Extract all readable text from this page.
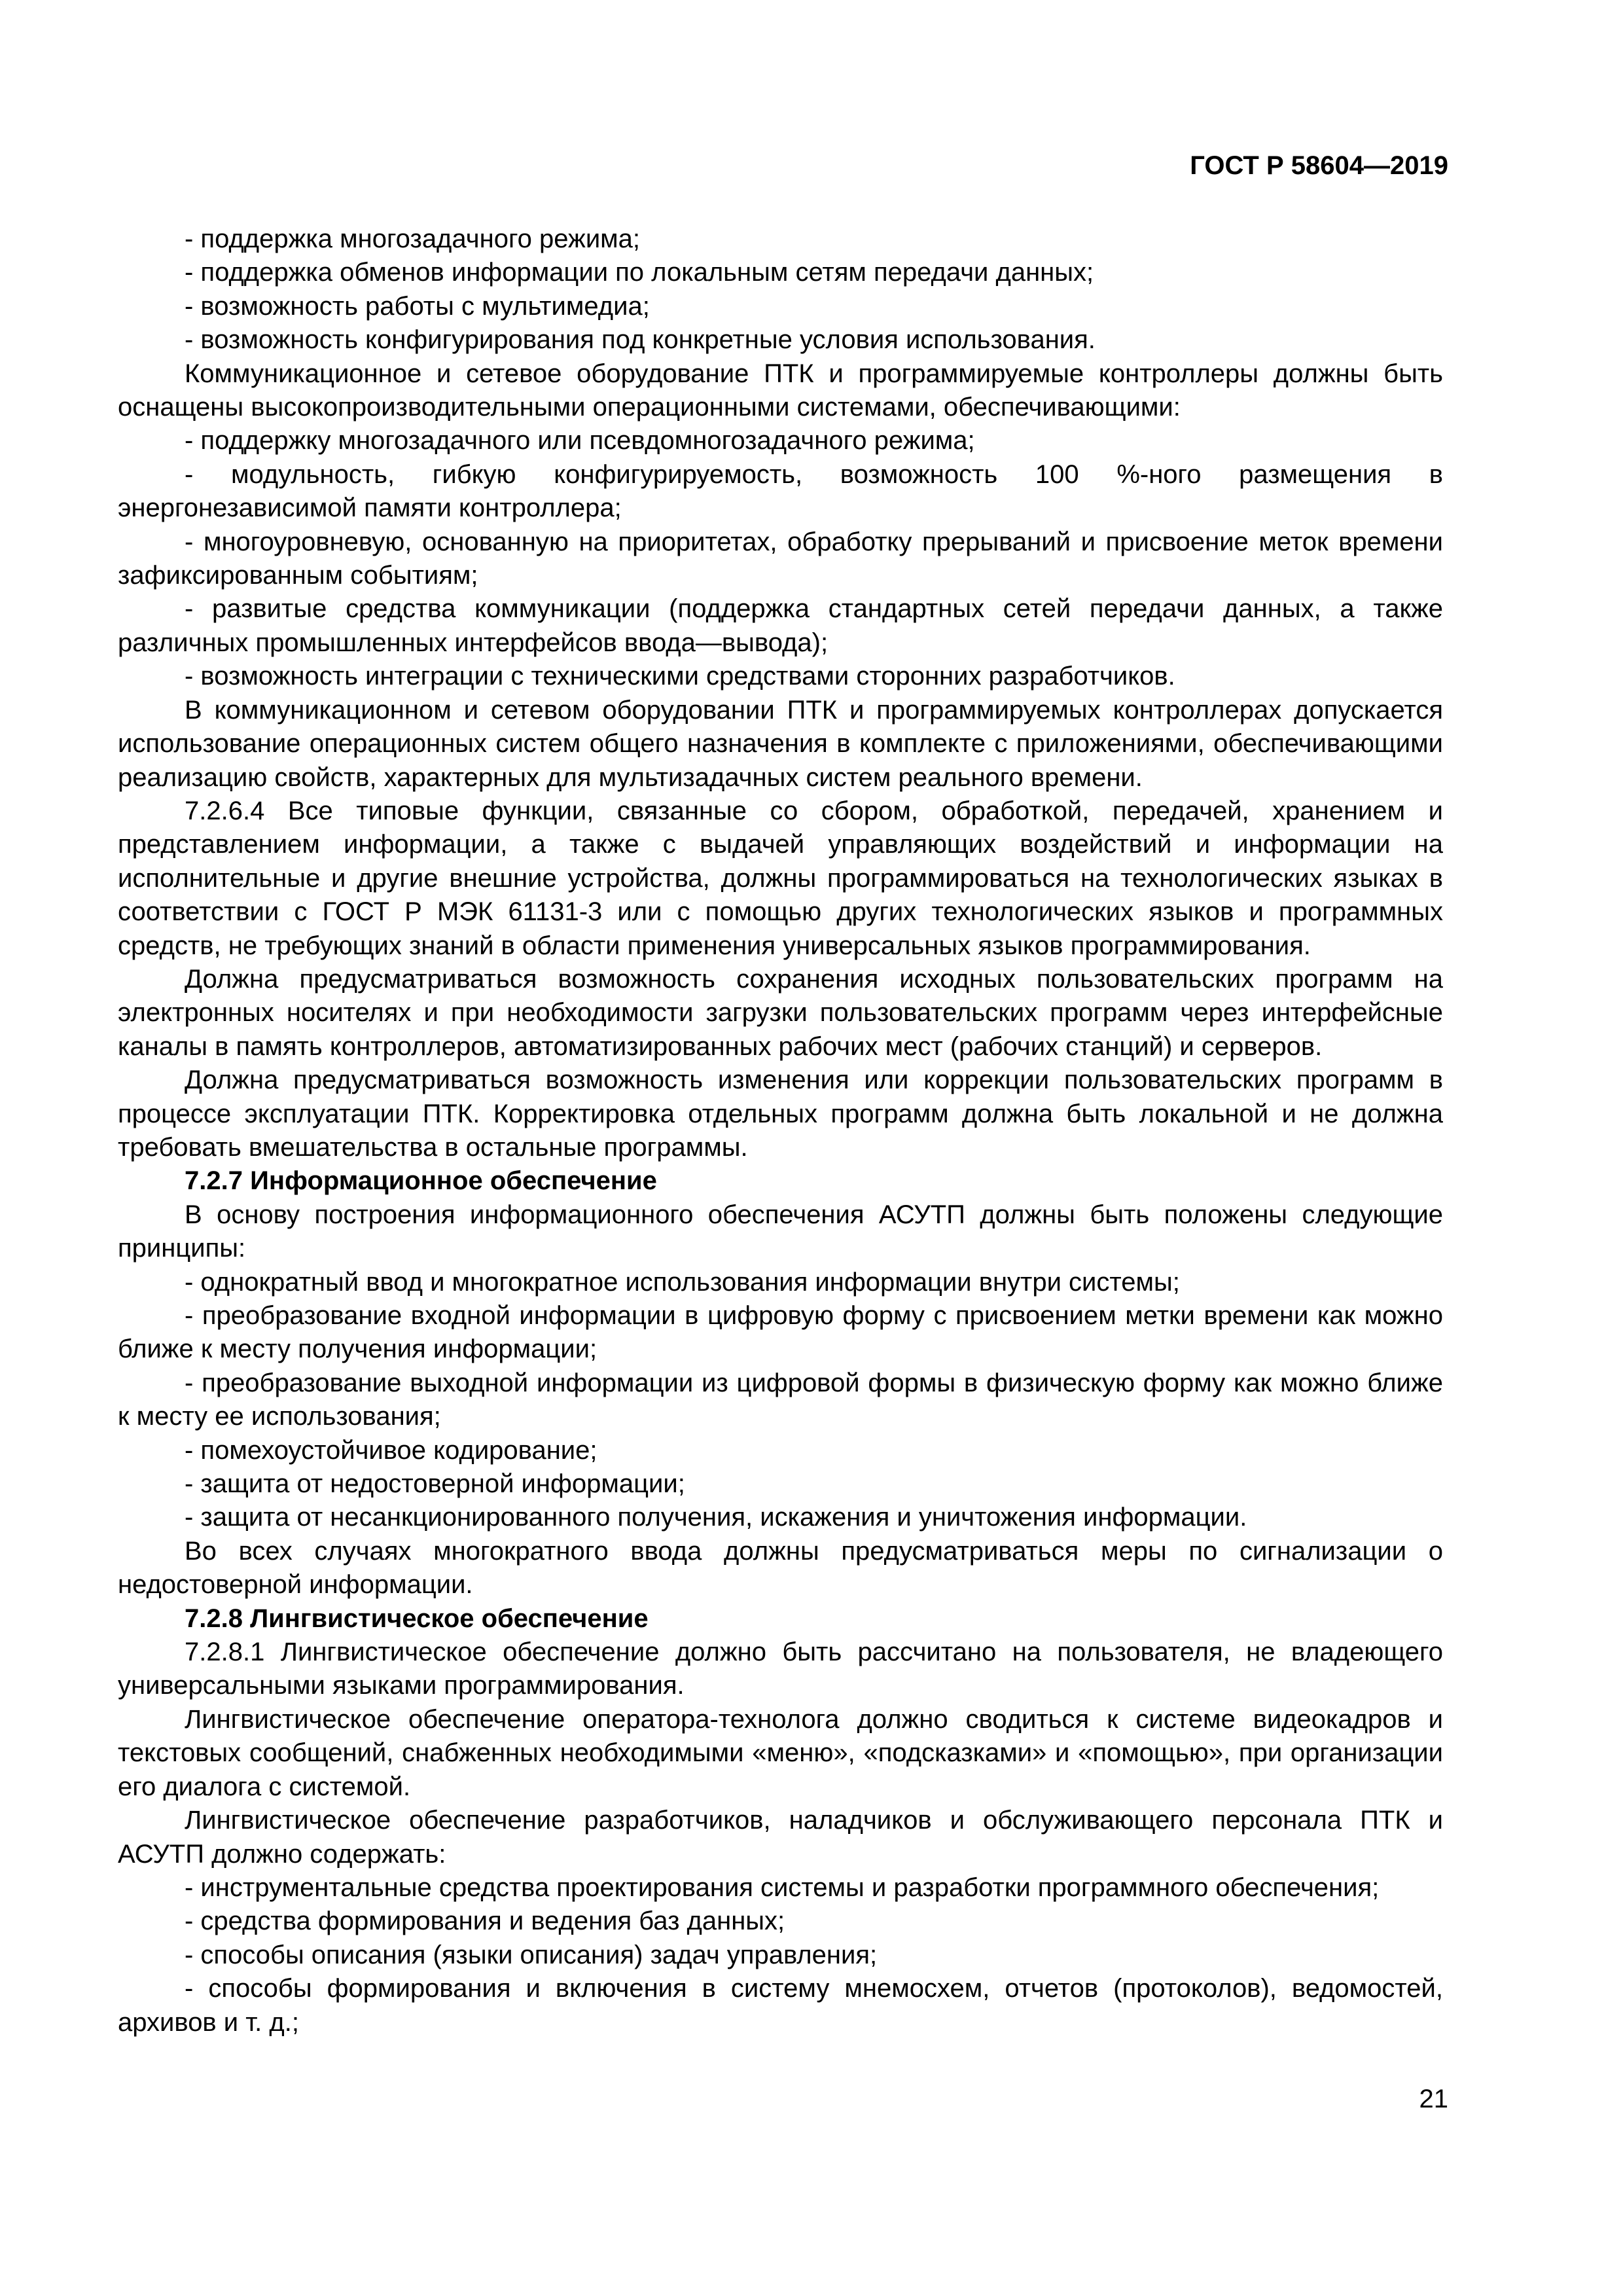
ГОСТ Р 58604—2019

- поддержка многозадачного режима;

- поддержка обменов информации по локальным сетям передачи данных;

- возможность работы с мультимедиа;

- возможность конфигурирования под конкретные условия использования.

Коммуникационное и сетевое оборудование ПТК и программируемые контроллеры должны быть оснащены высокопроизводительными операционными системами, обеспечивающими:

- поддержку многозадачного или псевдомногозадачного режима;

- модульность, гибкую конфигурируемость, возможность 100 %-ного размещения в энергонезависимой памяти контроллера;

- многоуровневую, основанную на приоритетах, обработку прерываний и присвоение меток времени зафиксированным событиям;

- развитые средства коммуникации (поддержка стандартных сетей передачи данных, а также различных промышленных интерфейсов ввода—вывода);

- возможность интеграции с техническими средствами сторонних разработчиков.

В коммуникационном и сетевом оборудовании ПТК и программируемых контроллерах допускается использование операционных систем общего назначения в комплекте с приложениями, обеспечивающими реализацию свойств, характерных для мультизадачных систем реального времени.

7.2.6.4 Все типовые функции, связанные со сбором, обработкой, передачей, хранением и представлением информации, а также с выдачей управляющих воздействий и информации на исполнительные и другие внешние устройства, должны программироваться на технологических языках в соответствии с ГОСТ Р МЭК 61131-3 или с помощью других технологических языков и программных средств, не требующих знаний в области применения универсальных языков программирования.

Должна предусматриваться возможность сохранения исходных пользовательских программ на электронных носителях и при необходимости загрузки пользовательских программ через интерфейсные каналы в память контроллеров, автоматизированных рабочих мест (рабочих станций) и серверов.

Должна предусматриваться возможность изменения или коррекции пользовательских программ в процессе эксплуатации ПТК. Корректировка отдельных программ должна быть локальной и не должна требовать вмешательства в остальные программы.

7.2.7 Информационное обеспечение

В основу построения информационного обеспечения АСУТП должны быть положены следующие принципы:

- однократный ввод и многократное использования информации внутри системы;

- преобразование входной информации в цифровую форму с присвоением метки времени как можно ближе к месту получения информации;

- преобразование выходной информации из цифровой формы в физическую форму как можно ближе к месту ее использования;

- помехоустойчивое кодирование;

- защита от недостоверной информации;

- защита от несанкционированного получения, искажения и уничтожения информации.

Во всех случаях многократного ввода должны предусматриваться меры по сигнализации о недостоверной информации.

7.2.8 Лингвистическое обеспечение

7.2.8.1 Лингвистическое обеспечение должно быть рассчитано на пользователя, не владеющего универсальными языками программирования.

Лингвистическое обеспечение оператора-технолога должно сводиться к системе видеокадров и текстовых сообщений, снабженных необходимыми «меню», «подсказками» и «помощью», при организации его диалога с системой.

Лингвистическое обеспечение разработчиков, наладчиков и обслуживающего персонала ПТК и АСУТП должно содержать:

- инструментальные средства проектирования системы и разработки программного обеспечения;

- средства формирования и ведения баз данных;

- способы описания (языки описания) задач управления;

- способы формирования и включения в систему мнемосхем, отчетов (протоколов), ведомостей, архивов и т. д.;

21
